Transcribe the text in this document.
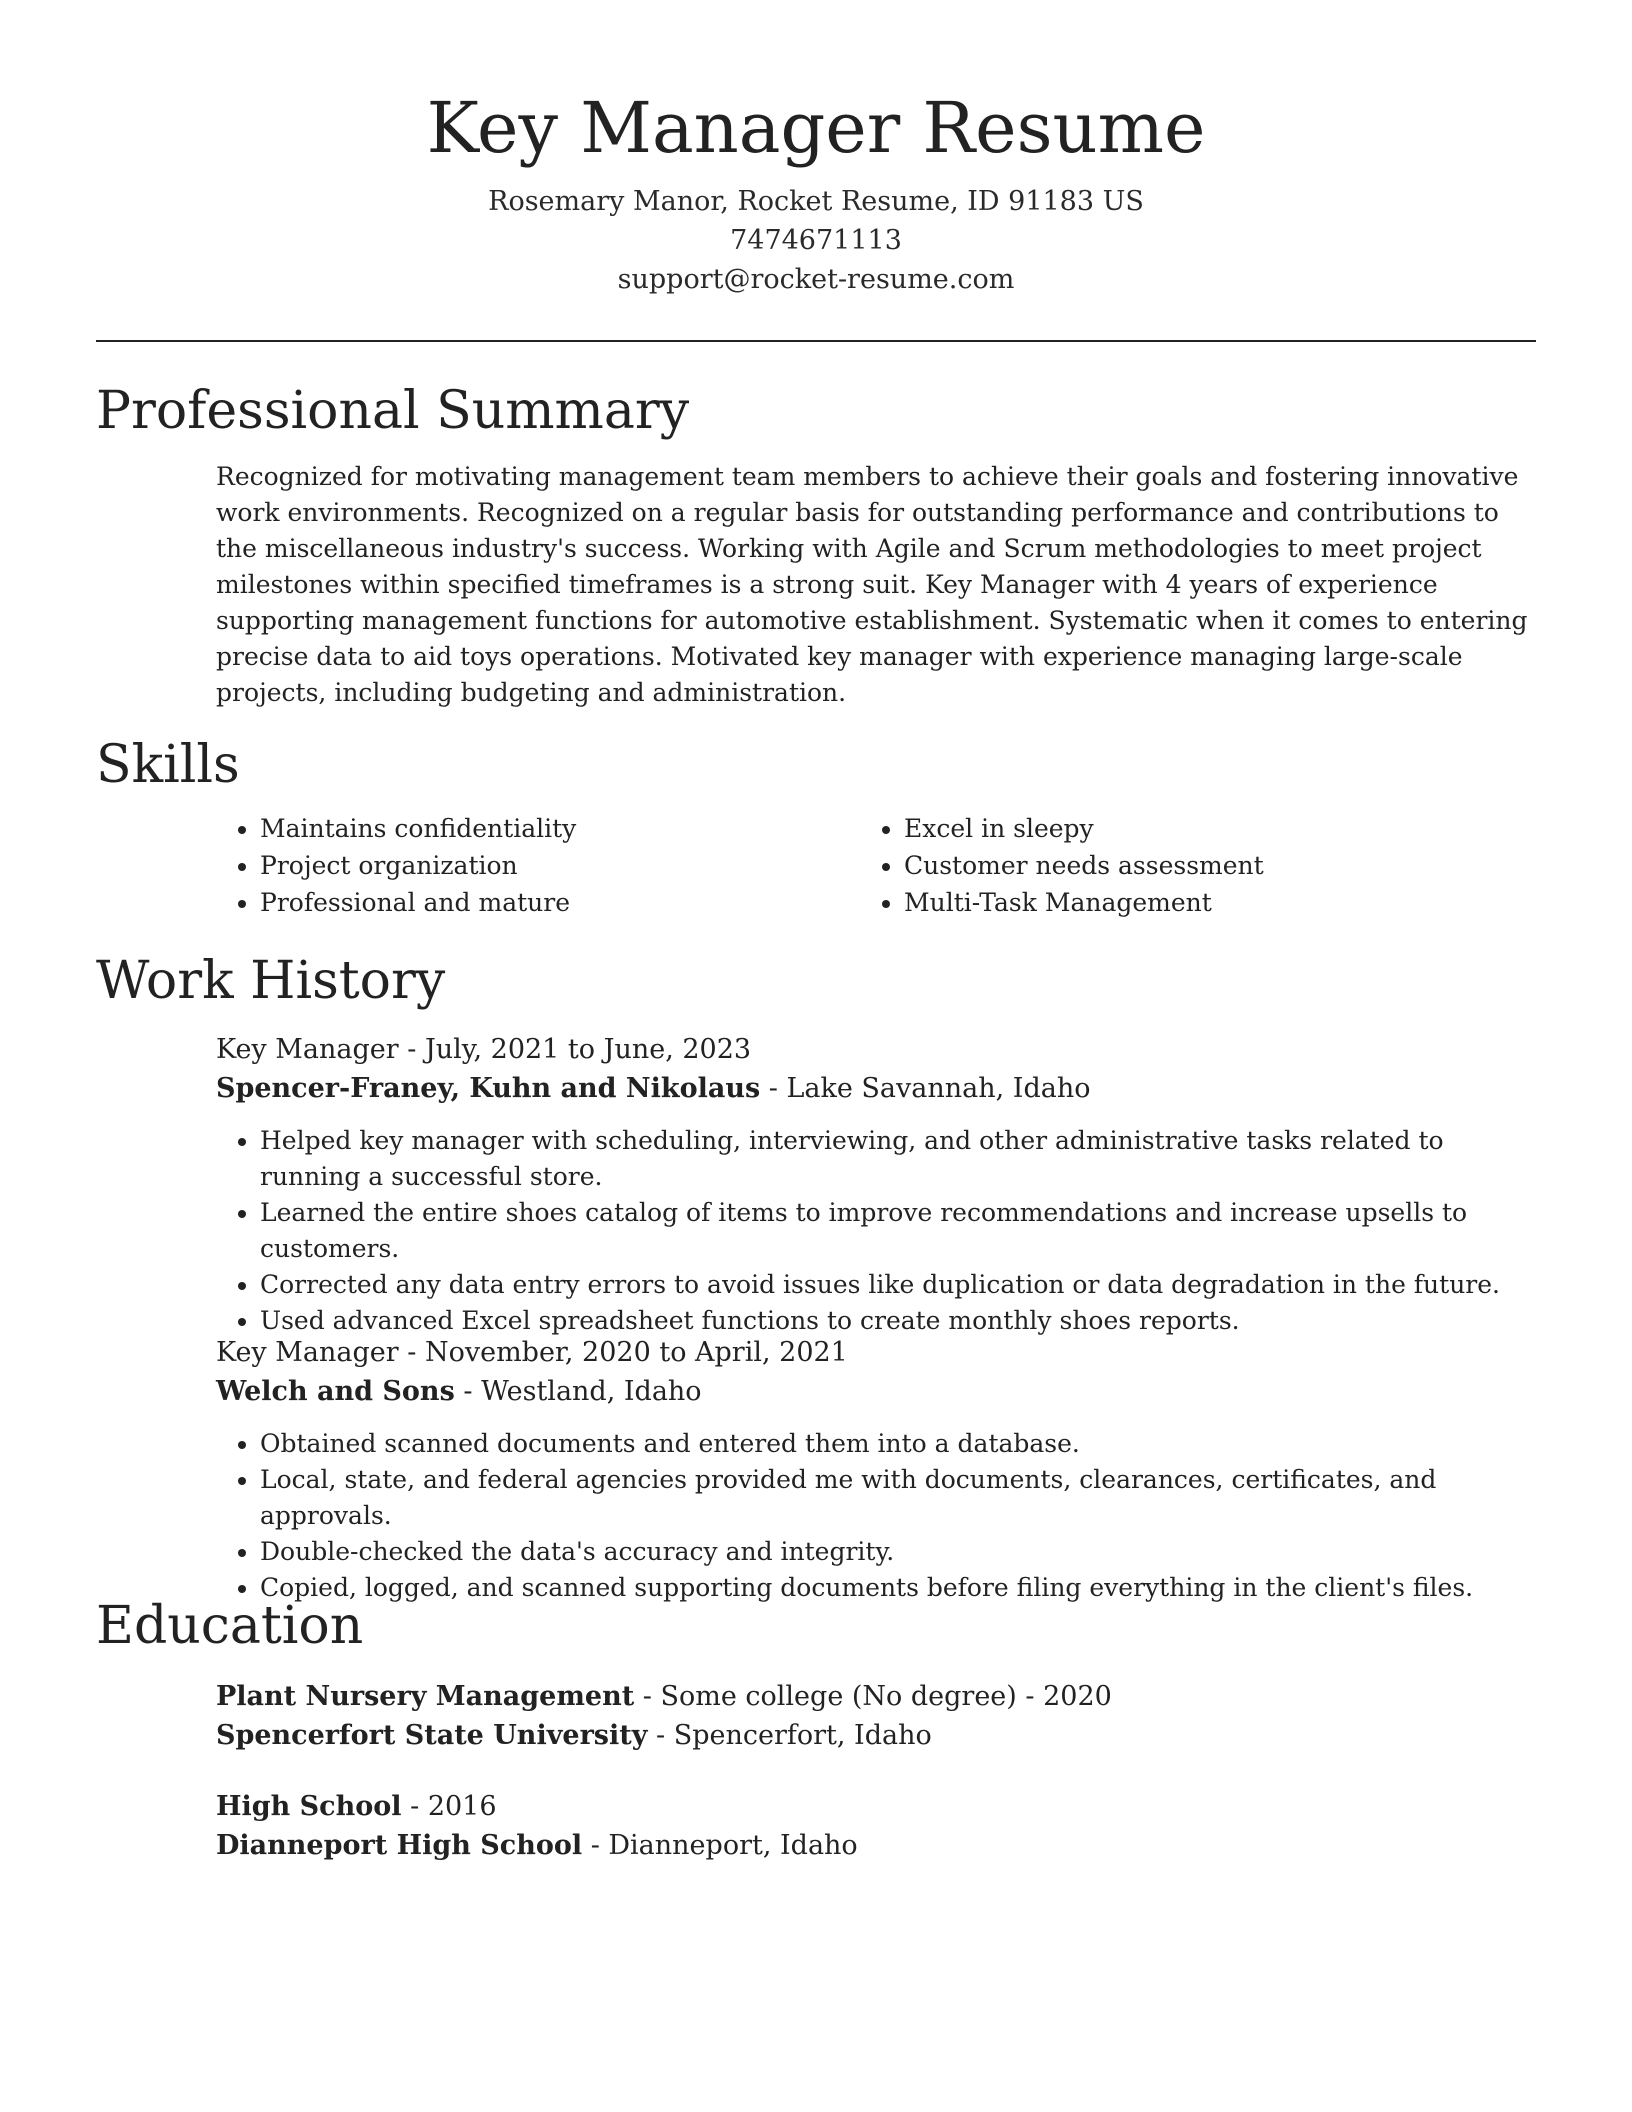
Key Manager Resume
Rosemary Manor, Rocket Resume, ID 91183 US
7474671113
support@rocket-resume.com
Professional Summary

Recognized for motivating management team members to achieve their goals and fostering innovative work environments. Recognized on a regular basis for outstanding performance and contributions to the miscellaneous industry's success. Working with Agile and Scrum methodologies to meet project milestones within specified timeframes is a strong suit. Key Manager with 4 years of experience supporting management functions for automotive establishment. Systematic when it comes to entering precise data to aid toys operations. Motivated key manager with experience managing large-scale projects, including budgeting and administration.

Skills
• Maintains confidentiality
• Project organization
• Professional and mature
• Excel in sleepy
• Customer needs assessment
• Multi-Task Management
Work History

Key Manager - July, 2021 to June, 2023

Spencer-Franey, Kuhn and Nikolaus - Lake Savannah, Idaho

• Helped key manager with scheduling, interviewing, and other administrative tasks related to running a successful store.
• Learned the entire shoes catalog of items to improve recommendations and increase upsells to customers.
• Corrected any data entry errors to avoid issues like duplication or data degradation in the future.
• Used advanced Excel spreadsheet functions to create monthly shoes reports.

Key Manager - November, 2020 to April, 2021

Welch and Sons - Westland, Idaho

• Obtained scanned documents and entered them into a database.
• Local, state, and federal agencies provided me with documents, clearances, certificates, and approvals.
• Double-checked the data's accuracy and integrity.
• Copied, logged, and scanned supporting documents before filing everything in the client's files.
Education

Plant Nursery Management - Some college (No degree) - 2020

Spencerfort State University - Spencerfort, Idaho

High School - 2016

Dianneport High School - Dianneport, Idaho
